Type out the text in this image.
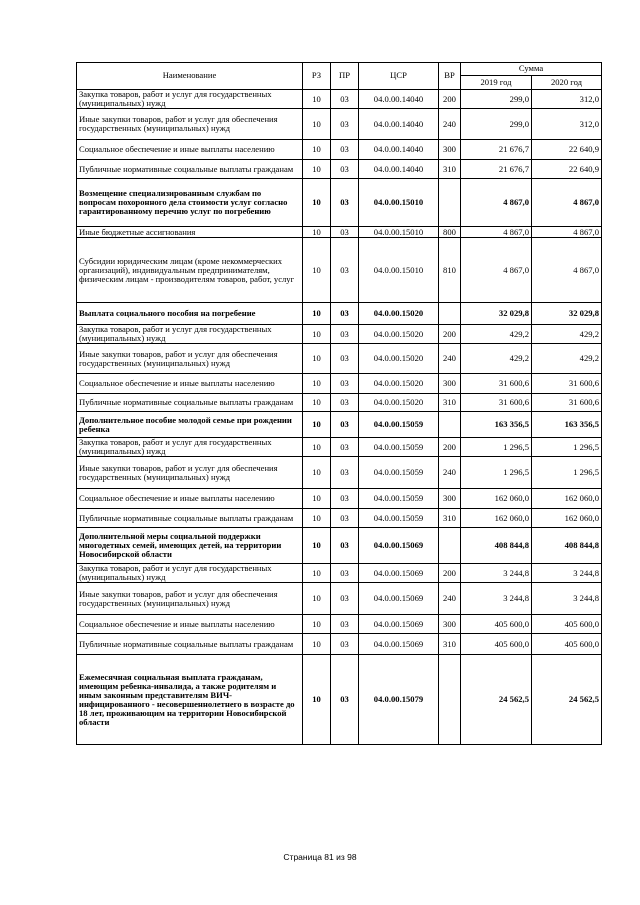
Наименование	РЗ	ПР	ЦСР	ВР	Сумма	
					2019 год	2020 год
Закупка товаров, работ и услуг для государственных (муниципальных) нужд	10	03	04.0.00.14040	200	299,0	312,0
Иные закупки товаров, работ и услуг для обеспечения государственных (муниципальных) нужд	10	03	04.0.00.14040	240	299,0	312,0
Социальное обеспечение и иные выплаты населению	10	03	04.0.00.14040	300	21 676,7	22 640,9
Публичные нормативные социальные выплаты гражданам	10	03	04.0.00.14040	310	21 676,7	22 640,9
Возмещение специализированным службам по вопросам похоронного дела стоимости услуг согласно гарантированному перечню услуг по погребению	10	03	04.0.00.15010		4 867,0	4 867,0
Иные бюджетные ассигнования	10	03	04.0.00.15010	800	4 867,0	4 867,0
Субсидии юридическим лицам (кроме некоммерческих организаций), индивидуальным предпринимателям, физическим лицам - производителям товаров, работ, услуг	10	03	04.0.00.15010	810	4 867,0	4 867,0
Выплата социального пособия на погребение	10	03	04.0.00.15020		32 029,8	32 029,8
Закупка товаров, работ и услуг для государственных (муниципальных) нужд	10	03	04.0.00.15020	200	429,2	429,2
Иные закупки товаров, работ и услуг для обеспечения государственных (муниципальных) нужд	10	03	04.0.00.15020	240	429,2	429,2
Социальное обеспечение и иные выплаты населению	10	03	04.0.00.15020	300	31 600,6	31 600,6
Публичные нормативные социальные выплаты гражданам	10	03	04.0.00.15020	310	31 600,6	31 600,6
Дополнительное пособие молодой семье при рождении ребенка	10	03	04.0.00.15059		163 356,5	163 356,5
Закупка товаров, работ и услуг для государственных (муниципальных) нужд	10	03	04.0.00.15059	200	1 296,5	1 296,5
Иные закупки товаров, работ и услуг для обеспечения государственных (муниципальных) нужд	10	03	04.0.00.15059	240	1 296,5	1 296,5
Социальное обеспечение и иные выплаты населению	10	03	04.0.00.15059	300	162 060,0	162 060,0
Публичные нормативные социальные выплаты гражданам	10	03	04.0.00.15059	310	162 060,0	162 060,0
Дополнительной меры социальной поддержки многодетных семей, имеющих детей, на территории Новосибирской области	10	03	04.0.00.15069		408 844,8	408 844,8
Закупка товаров, работ и услуг для государственных (муниципальных) нужд	10	03	04.0.00.15069	200	3 244,8	3 244,8
Иные закупки товаров, работ и услуг для обеспечения государственных (муниципальных) нужд	10	03	04.0.00.15069	240	3 244,8	3 244,8
Социальное обеспечение и иные выплаты населению	10	03	04.0.00.15069	300	405 600,0	405 600,0
Публичные нормативные социальные выплаты гражданам	10	03	04.0.00.15069	310	405 600,0	405 600,0
Ежемесячная социальная выплата гражданам, имеющим ребенка-инвалида, а также родителям и иным законным представителям ВИЧ-инфицированного - несовершеннолетнего в возрасте до 18 лет, проживающим на территории Новосибирской области	10	03	04.0.00.15079		24 562,5	24 562,5
Страница 81 из 98
